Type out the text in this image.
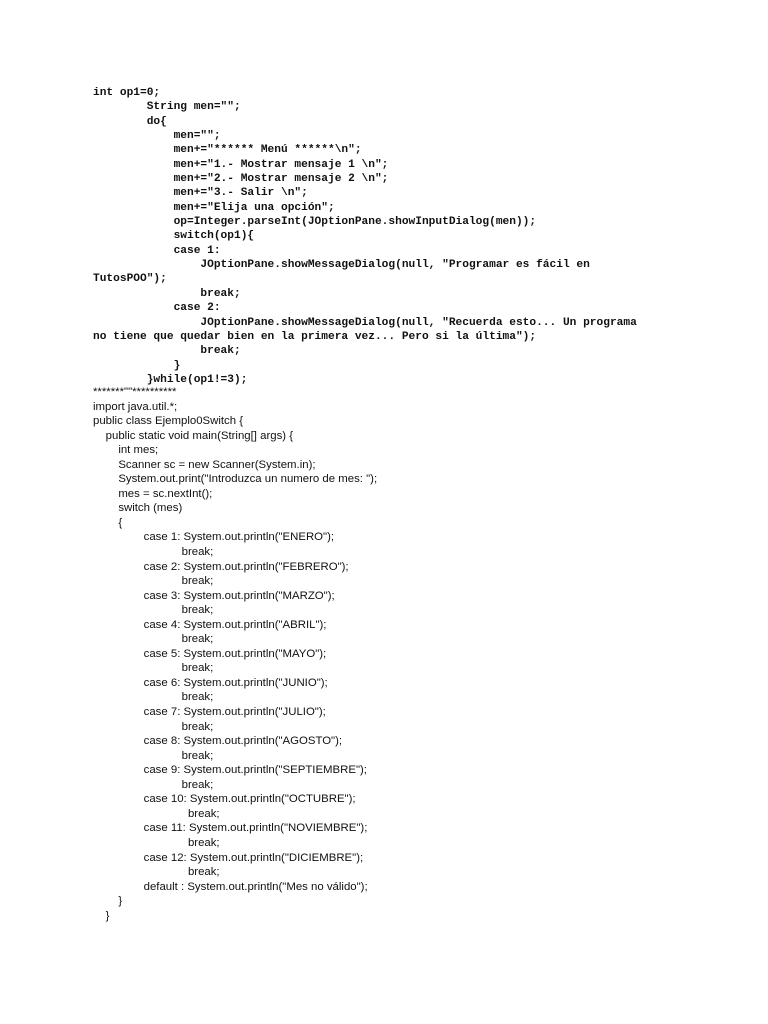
int op1=0;
String men="";
do{
men="";
men+="****** Menú ******\n";
men+="1.- Mostrar mensaje 1 \n";
men+="2.- Mostrar mensaje 2 \n";
men+="3.- Salir \n";
men+="Elija una opción";
op=Integer.parseInt(JOptionPane.showInputDialog(men));
switch(op1){
case 1:
JOptionPane.showMessageDialog(null, "Programar es fácil en
TutosPOO");
break;
case 2:
JOptionPane.showMessageDialog(null, "Recuerda esto... Un programa
no tiene que quedar bien en la primera vez... Pero si la última");
break;
}
}while(op1!=3);
*******""**********
import java.util.*;
public class Ejemplo0Switch {
public static void main(String[] args) {
int mes;
Scanner sc = new Scanner(System.in);
System.out.print("Introduzca un numero de mes: ");
mes = sc.nextInt();
switch (mes)
{
case 1: System.out.println("ENERO");
break;
case 2: System.out.println("FEBRERO");
break;
case 3: System.out.println("MARZO");
break;
case 4: System.out.println("ABRIL");
break;
case 5: System.out.println("MAYO");
break;
case 6: System.out.println("JUNIO");
break;
case 7: System.out.println("JULIO");
break;
case 8: System.out.println("AGOSTO");
break;
case 9: System.out.println("SEPTIEMBRE");
break;
case 10: System.out.println("OCTUBRE");
break;
case 11: System.out.println("NOVIEMBRE");
break;
case 12: System.out.println("DICIEMBRE");
break;
default : System.out.println("Mes no válido");
}
}
